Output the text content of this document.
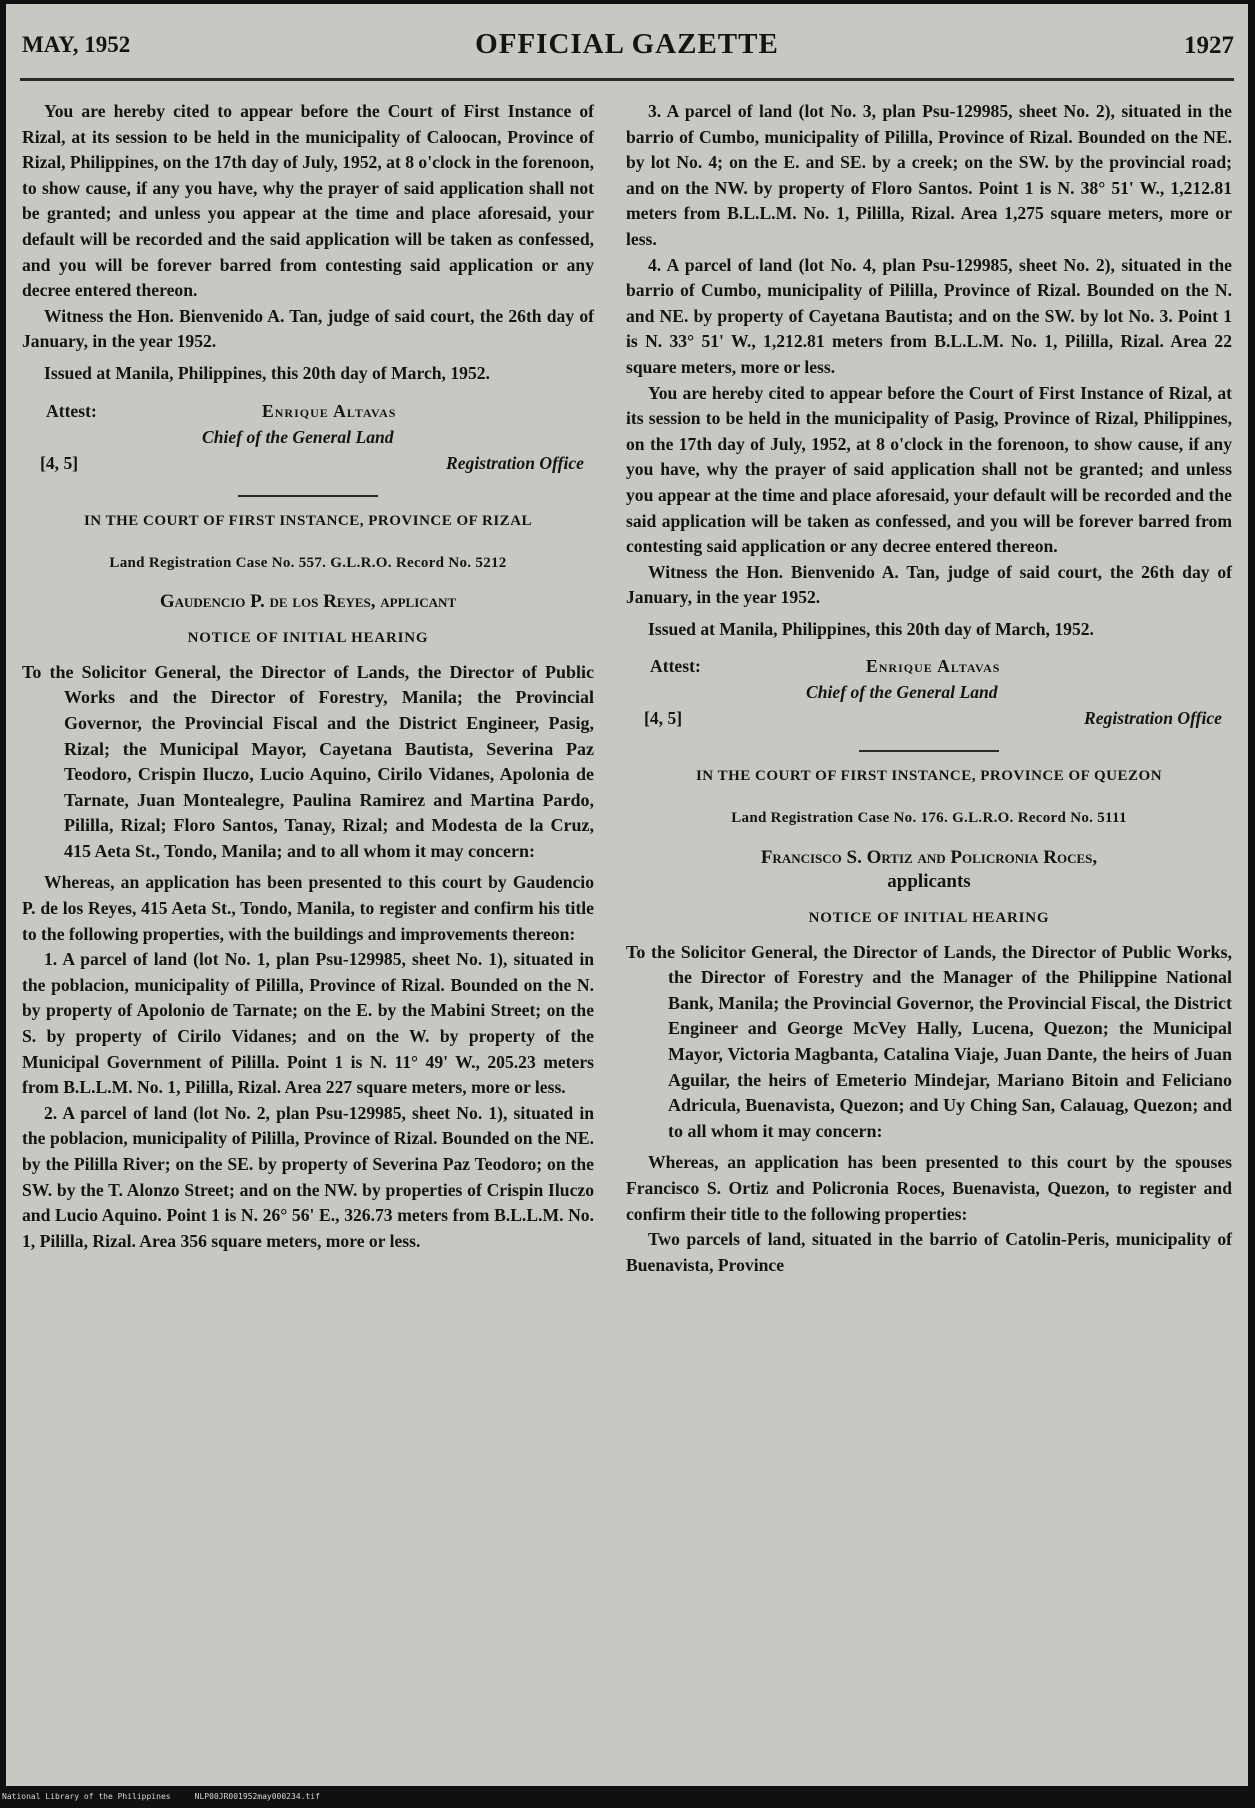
MAY, 1952	OFFICIAL GAZETTE	1927

You are hereby cited to appear before the Court of First Instance of Rizal, at its session to be held in the municipality of Caloocan, Province of Rizal, Philippines, on the 17th day of July, 1952, at 8 o'clock in the forenoon, to show cause, if any you have, why the prayer of said application shall not be granted; and unless you appear at the time and place aforesaid, your default will be recorded and the said application will be taken as confessed, and you will be forever barred from contesting said application or any decree entered thereon.

Witness the Hon. Bienvenido A. Tan, judge of said court, the 26th day of January, in the year 1952.

Issued at Manila, Philippines, this 20th day of March, 1952.

Attest:	Enrique Altavas
Chief of the General Land
[4, 5]	Registration Office
IN THE COURT OF FIRST INSTANCE, PROVINCE OF RIZAL
Land Registration Case No. 557. G.L.R.O. Record No. 5212
Gaudencio P. de los Reyes, applicant
NOTICE OF INITIAL HEARING

To the Solicitor General, the Director of Lands, the Director of Public Works and the Director of Forestry, Manila; the Provincial Governor, the Provincial Fiscal and the District Engineer, Pasig, Rizal; the Municipal Mayor, Cayetana Bautista, Severina Paz Teodoro, Crispin Iluczo, Lucio Aquino, Cirilo Vidanes, Apolonia de Tarnate, Juan Montealegre, Paulina Ramirez and Martina Pardo, Pililla, Rizal; Floro Santos, Tanay, Rizal; and Modesta de la Cruz, 415 Aeta St., Tondo, Manila; and to all whom it may concern:

Whereas, an application has been presented to this court by Gaudencio P. de los Reyes, 415 Aeta St., Tondo, Manila, to register and confirm his title to the following properties, with the buildings and improvements thereon:

1. A parcel of land (lot No. 1, plan Psu-129985, sheet No. 1), situated in the poblacion, municipality of Pililla, Province of Rizal. Bounded on the N. by property of Apolonio de Tarnate; on the E. by the Mabini Street; on the S. by property of Cirilo Vidanes; and on the W. by property of the Municipal Government of Pililla. Point 1 is N. 11° 49' W., 205.23 meters from B.L.L.M. No. 1, Pililla, Rizal. Area 227 square meters, more or less.

2. A parcel of land (lot No. 2, plan Psu-129985, sheet No. 1), situated in the poblacion, municipality of Pililla, Province of Rizal. Bounded on the NE. by the Pililla River; on the SE. by property of Severina Paz Teodoro; on the SW. by the T. Alonzo Street; and on the NW. by properties of Crispin Iluczo and Lucio Aquino. Point 1 is N. 26° 56' E., 326.73 meters from B.L.L.M. No. 1, Pililla, Rizal. Area 356 square meters, more or less.

3. A parcel of land (lot No. 3, plan Psu-129985, sheet No. 2), situated in the barrio of Cumbo, municipality of Pililla, Province of Rizal. Bounded on the NE. by lot No. 4; on the E. and SE. by a creek; on the SW. by the provincial road; and on the NW. by property of Floro Santos. Point 1 is N. 38° 51' W., 1,212.81 meters from B.L.L.M. No. 1, Pililla, Rizal. Area 1,275 square meters, more or less.

4. A parcel of land (lot No. 4, plan Psu-129985, sheet No. 2), situated in the barrio of Cumbo, municipality of Pililla, Province of Rizal. Bounded on the N. and NE. by property of Cayetana Bautista; and on the SW. by lot No. 3. Point 1 is N. 33° 51' W., 1,212.81 meters from B.L.L.M. No. 1, Pililla, Rizal. Area 22 square meters, more or less.

You are hereby cited to appear before the Court of First Instance of Rizal, at its session to be held in the municipality of Pasig, Province of Rizal, Philippines, on the 17th day of July, 1952, at 8 o'clock in the forenoon, to show cause, if any you have, why the prayer of said application shall not be granted; and unless you appear at the time and place aforesaid, your default will be recorded and the said application will be taken as confessed, and you will be forever barred from contesting said application or any decree entered thereon.

Witness the Hon. Bienvenido A. Tan, judge of said court, the 26th day of January, in the year 1952.

Issued at Manila, Philippines, this 20th day of March, 1952.

Attest:	Enrique Altavas
Chief of the General Land
[4, 5]	Registration Office
IN THE COURT OF FIRST INSTANCE, PROVINCE OF QUEZON
Land Registration Case No. 176. G.L.R.O. Record No. 5111
Francisco S. Ortiz and Policronia Roces,
applicants
NOTICE OF INITIAL HEARING

To the Solicitor General, the Director of Lands, the Director of Public Works, the Director of Forestry and the Manager of the Philippine National Bank, Manila; the Provincial Governor, the Provincial Fiscal, the District Engineer and George McVey Hally, Lucena, Quezon; the Municipal Mayor, Victoria Magbanta, Catalina Viaje, Juan Dante, the heirs of Juan Aguilar, the heirs of Emeterio Mindejar, Mariano Bitoin and Feliciano Adricula, Buenavista, Quezon; and Uy Ching San, Calauag, Quezon; and to all whom it may concern:

Whereas, an application has been presented to this court by the spouses Francisco S. Ortiz and Policronia Roces, Buenavista, Quezon, to register and confirm their title to the following properties:

Two parcels of land, situated in the barrio of Catolin-Peris, municipality of Buenavista, Province

National Library of the Philippines	NLP00JR001952may000234.tif
